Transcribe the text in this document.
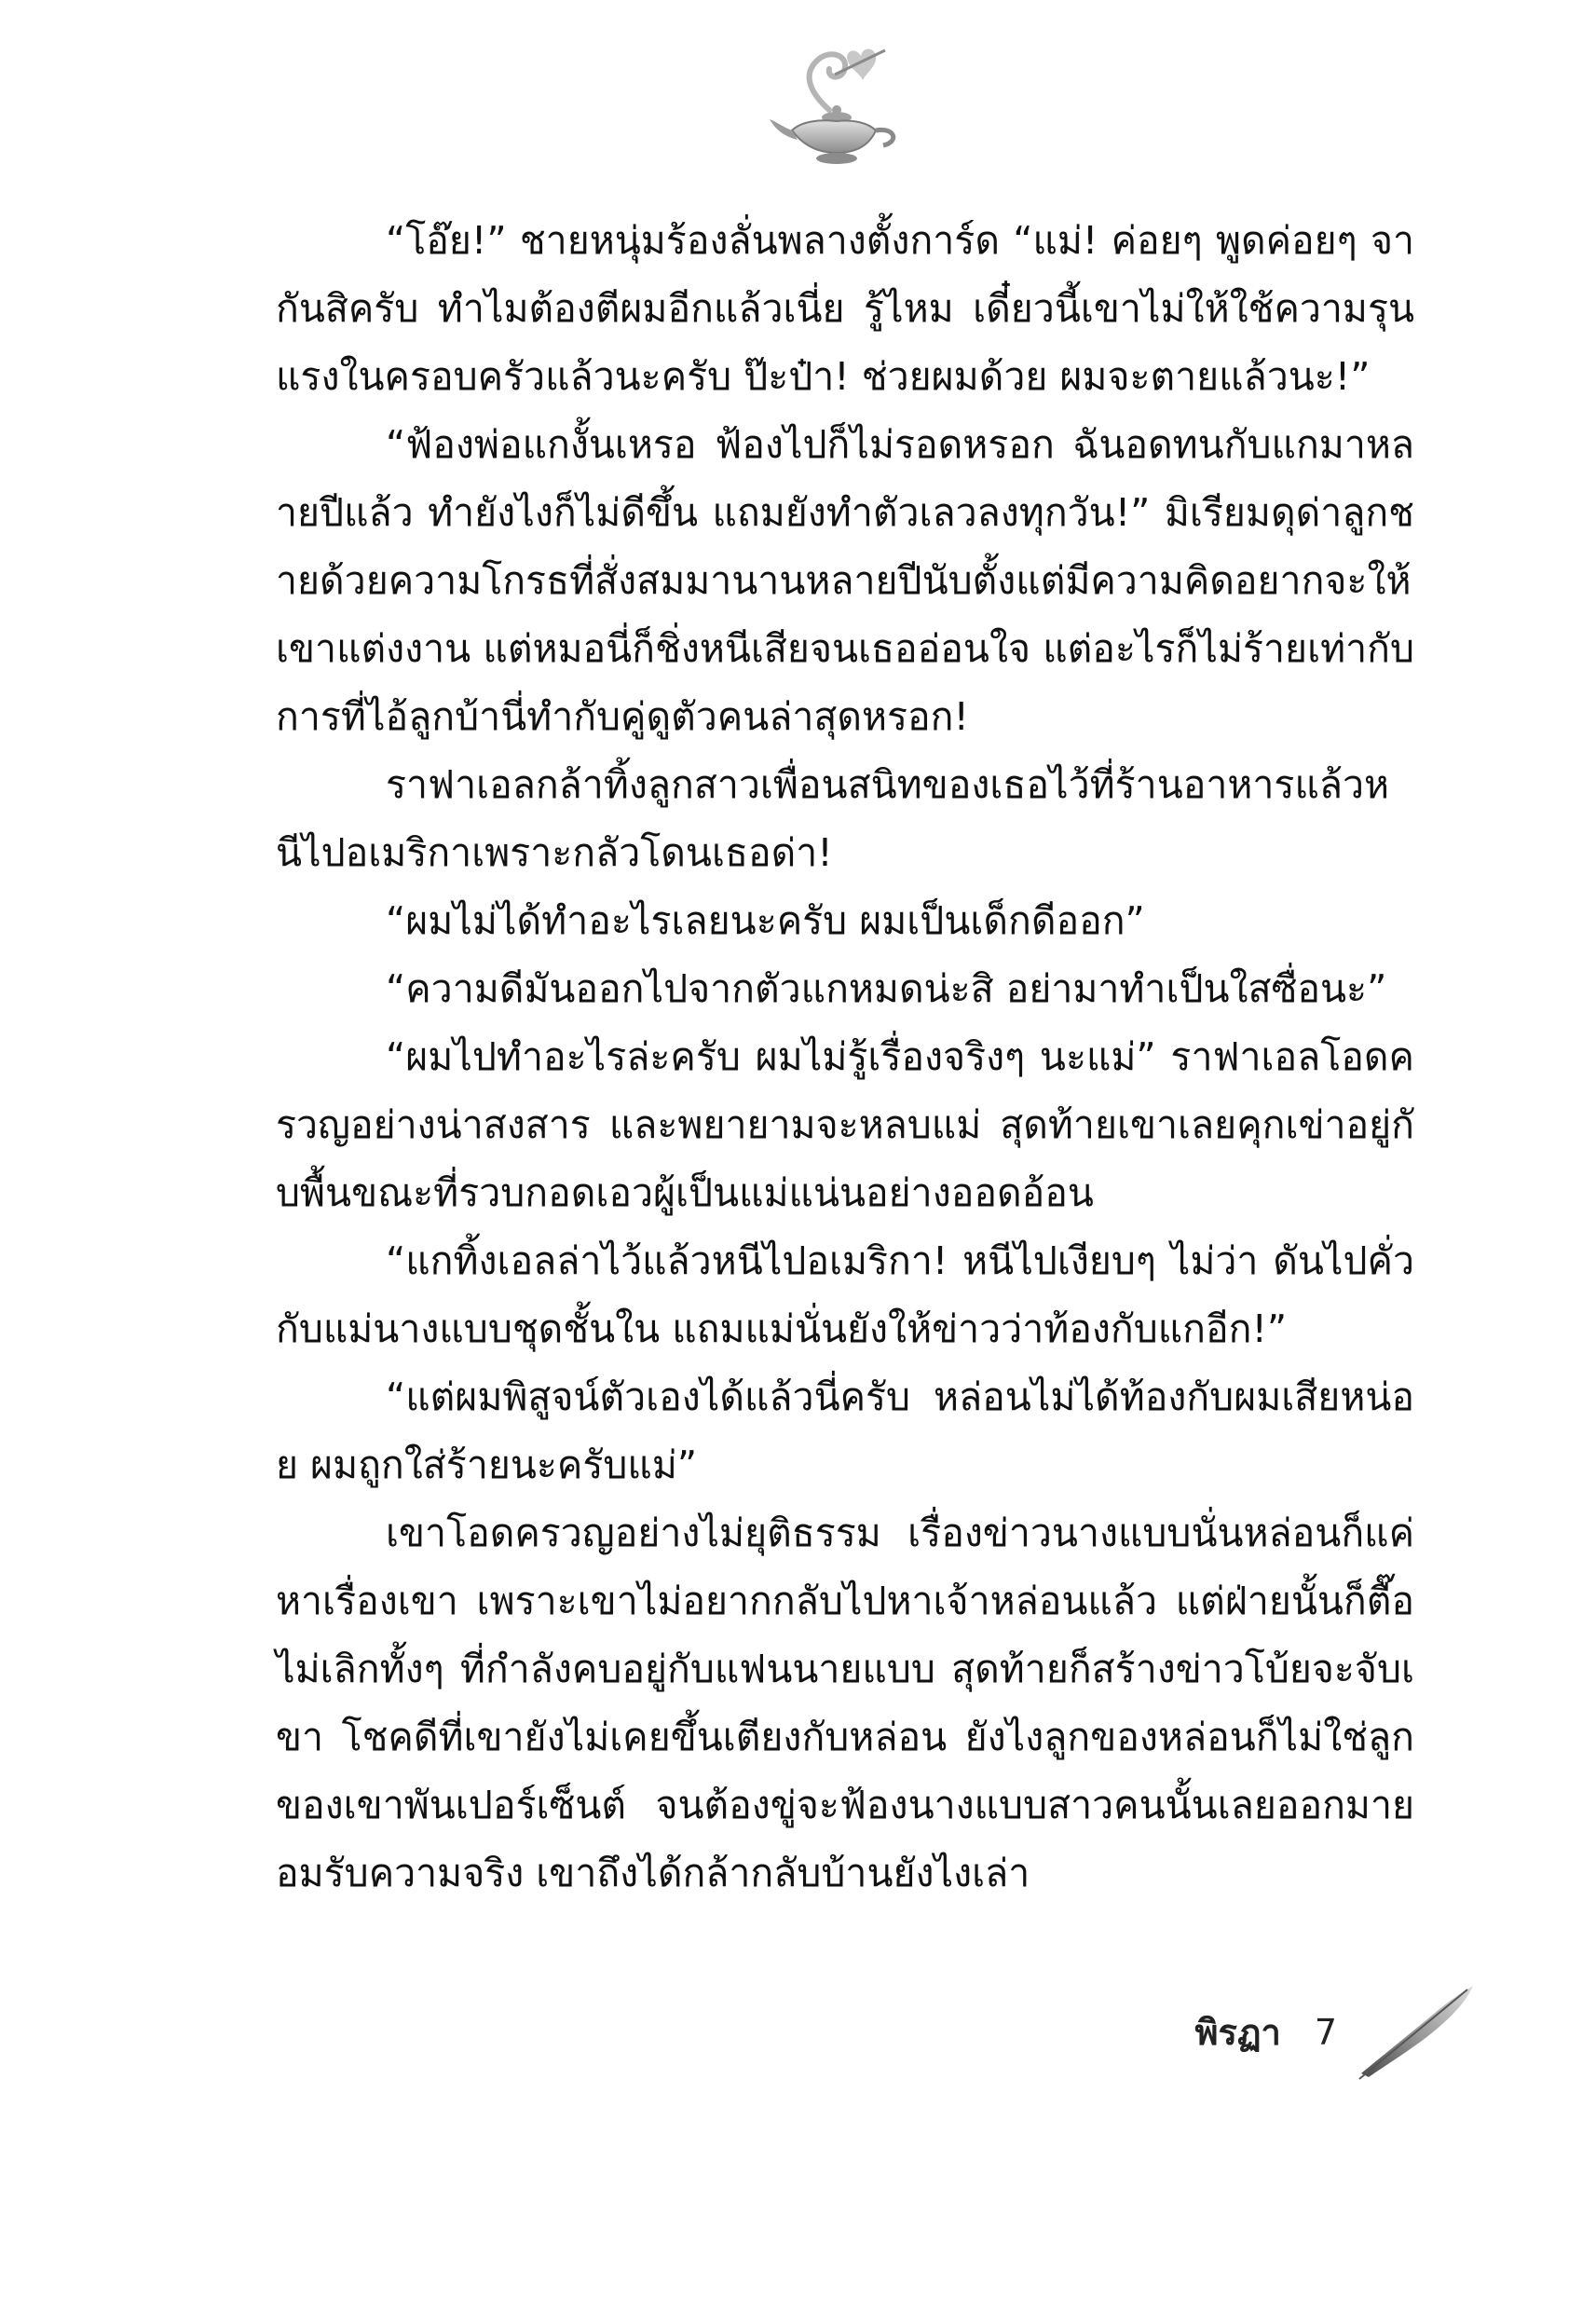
“โอ๊ย!” ชายหนุ่มร้องลั่นพลางตั้งการ์ด “แม่! ค่อยๆ พูดค่อยๆ จากันสิครับ ทำไมต้องตีผมอีกแล้วเนี่ย รู้ไหม เดี๋ยวนี้เขาไม่ให้ใช้ความรุนแรงในครอบครัวแล้วนะครับ ป๊ะป๋า! ช่วยผมด้วย ผมจะตายแล้วนะ!”

“ฟ้องพ่อแกงั้นเหรอ ฟ้องไปก็ไม่รอดหรอก ฉันอดทนกับแกมาหลายปีแล้ว ทำยังไงก็ไม่ดีขึ้น แถมยังทำตัวเลวลงทุกวัน!” มิเรียมดุด่าลูกชายด้วยความโกรธที่สั่งสมมานานหลายปีนับตั้งแต่มีความคิดอยากจะให้เขาแต่งงาน แต่หมอนี่ก็ชิ่งหนีเสียจนเธออ่อนใจ แต่อะไรก็ไม่ร้ายเท่ากับการที่ไอ้ลูกบ้านี่ทำกับคู่ดูตัวคนล่าสุดหรอก!

ราฟาเอลกล้าทิ้งลูกสาวเพื่อนสนิทของเธอไว้ที่ร้านอาหารแล้วหนีไปอเมริกาเพราะกลัวโดนเธอด่า!

“ผมไม่ได้ทำอะไรเลยนะครับ ผมเป็นเด็กดีออก”

“ความดีมันออกไปจากตัวแกหมดน่ะสิ อย่ามาทำเป็นใสซื่อนะ”

“ผมไปทำอะไรล่ะครับ ผมไม่รู้เรื่องจริงๆ นะแม่” ราฟาเอลโอดครวญอย่างน่าสงสาร และพยายามจะหลบแม่ สุดท้ายเขาเลยคุกเข่าอยู่กับพื้นขณะที่รวบกอดเอวผู้เป็นแม่แน่นอย่างออดอ้อน

“แกทิ้งเอลล่าไว้แล้วหนีไปอเมริกา! หนีไปเงียบๆ ไม่ว่า ดันไปคั่วกับแม่นางแบบชุดชั้นใน แถมแม่นั่นยังให้ข่าวว่าท้องกับแกอีก!”

“แต่ผมพิสูจน์ตัวเองได้แล้วนี่ครับ หล่อนไม่ได้ท้องกับผมเสียหน่อย ผมถูกใส่ร้ายนะครับแม่”

เขาโอดครวญอย่างไม่ยุติธรรม เรื่องข่าวนางแบบนั่นหล่อนก็แค่หาเรื่องเขา เพราะเขาไม่อยากกลับไปหาเจ้าหล่อนแล้ว แต่ฝ่ายนั้นก็ตื๊อไม่เลิกทั้งๆ ที่กำลังคบอยู่กับแฟนนายแบบ สุดท้ายก็สร้างข่าวโบ้ยจะจับเขา โชคดีที่เขายังไม่เคยขึ้นเตียงกับหล่อน ยังไงลูกของหล่อนก็ไม่ใช่ลูกของเขาพันเปอร์เซ็นต์ จนต้องขู่จะฟ้องนางแบบสาวคนนั้นเลยออกมายอมรับความจริง เขาถึงได้กล้ากลับบ้านยังไงเล่า

พิรฏา 7
